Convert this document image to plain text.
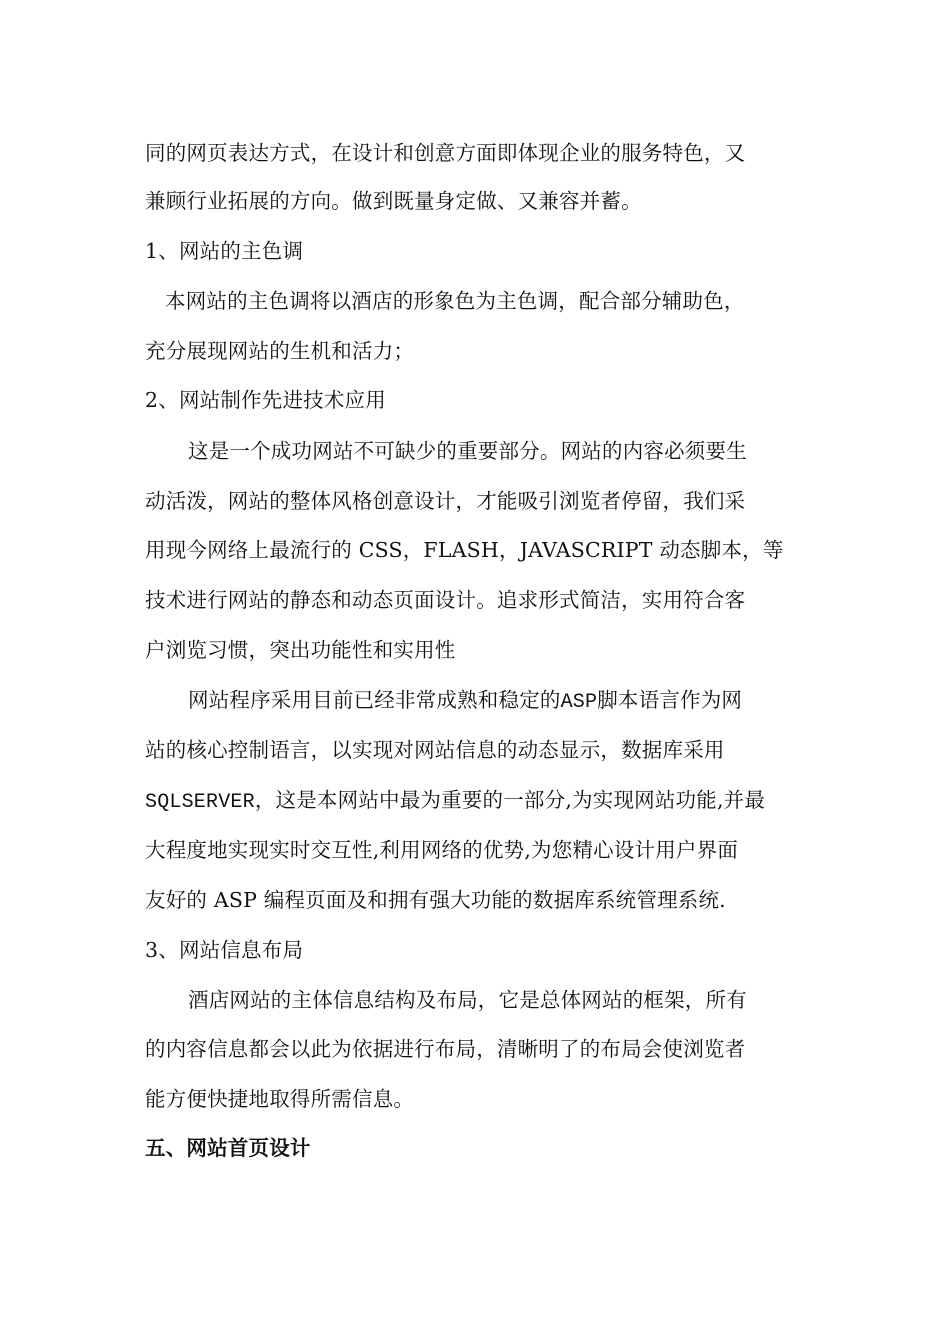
同的网页表达方式，在设计和创意方面即体现企业的服务特色，又
兼顾行业拓展的方向。做到既量身定做、又兼容并蓄。
1、网站的主色调
本网站的主色调将以酒店的形象色为主色调，配合部分辅助色，
充分展现网站的生机和活力；
2、网站制作先进技术应用
这是一个成功网站不可缺少的重要部分。网站的内容必须要生
动活泼，网站的整体风格创意设计，才能吸引浏览者停留，我们采
用现今网络上最流行的 CSS，FLASH，JAVASCRIPT 动态脚本，等
技术进行网站的静态和动态页面设计。追求形式简洁，实用符合客
户浏览习惯，突出功能性和实用性
网站程序采用目前已经非常成熟和稳定的ASP脚本语言作为网
站的核心控制语言，以实现对网站信息的动态显示，数据库采用
SQLSERVER，这是本网站中最为重要的一部分,为实现网站功能,并最
大程度地实现实时交互性,利用网络的优势,为您精心设计用户界面
友好的 ASP 编程页面及和拥有强大功能的数据库系统管理系统.
3、网站信息布局
酒店网站的主体信息结构及布局，它是总体网站的框架，所有
的内容信息都会以此为依据进行布局，清晰明了的布局会使浏览者
能方便快捷地取得所需信息。
五、网站首页设计
